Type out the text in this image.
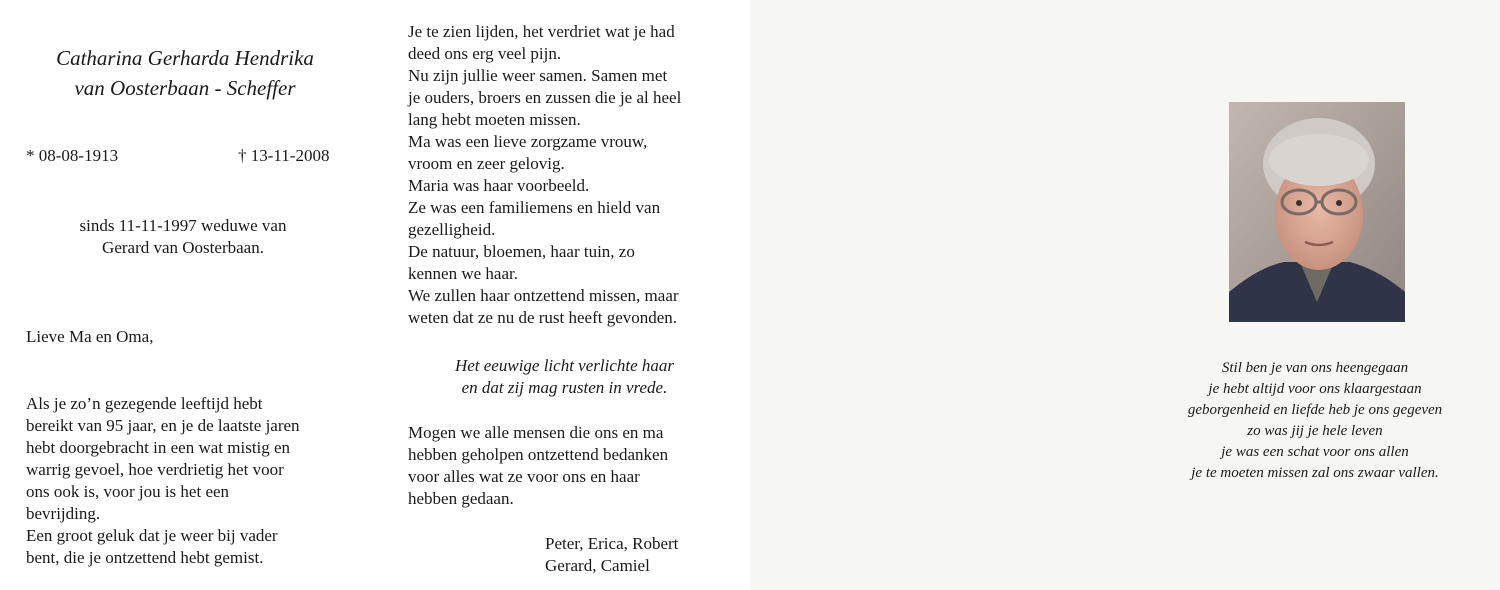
Catharina Gerharda Hendrika
van Oosterbaan - Scheffer
* 08-08-1913	† 13-11-2008
sinds 11-11-1997 weduwe van
Gerard van Oosterbaan.
Lieve Ma en Oma,
Als je zo’n gezegende leeftijd hebt
bereikt van 95 jaar, en je de laatste jaren
hebt doorgebracht in een wat mistig en
warrig gevoel, hoe verdrietig het voor
ons ook is, voor jou is het een
bevrijding.
Een groot geluk dat je weer bij vader
bent, die je ontzettend hebt gemist.
Je te zien lijden, het verdriet wat je had
deed ons erg veel pijn.
Nu zijn jullie weer samen. Samen met
je ouders, broers en zussen die je al heel
lang hebt moeten missen.
Ma was een lieve zorgzame vrouw,
vroom en zeer gelovig.
Maria was haar voorbeeld.
Ze was een familiemens en hield van
gezelligheid.
De natuur, bloemen, haar tuin, zo
kennen we haar.
We zullen haar ontzettend missen, maar
weten dat ze nu de rust heeft gevonden.
Het eeuwige licht verlichte haar
en dat zij mag rusten in vrede.
Mogen we alle mensen die ons en ma
hebben geholpen ontzettend bedanken
voor alles wat ze voor ons en haar
hebben gedaan.
Peter, Erica, Robert
Gerard, Camiel
Stil ben je van ons heengegaan
je hebt altijd voor ons klaargestaan
geborgenheid en liefde heb je ons gegeven
zo was jij je hele leven
je was een schat voor ons allen
je te moeten missen zal ons zwaar vallen.
